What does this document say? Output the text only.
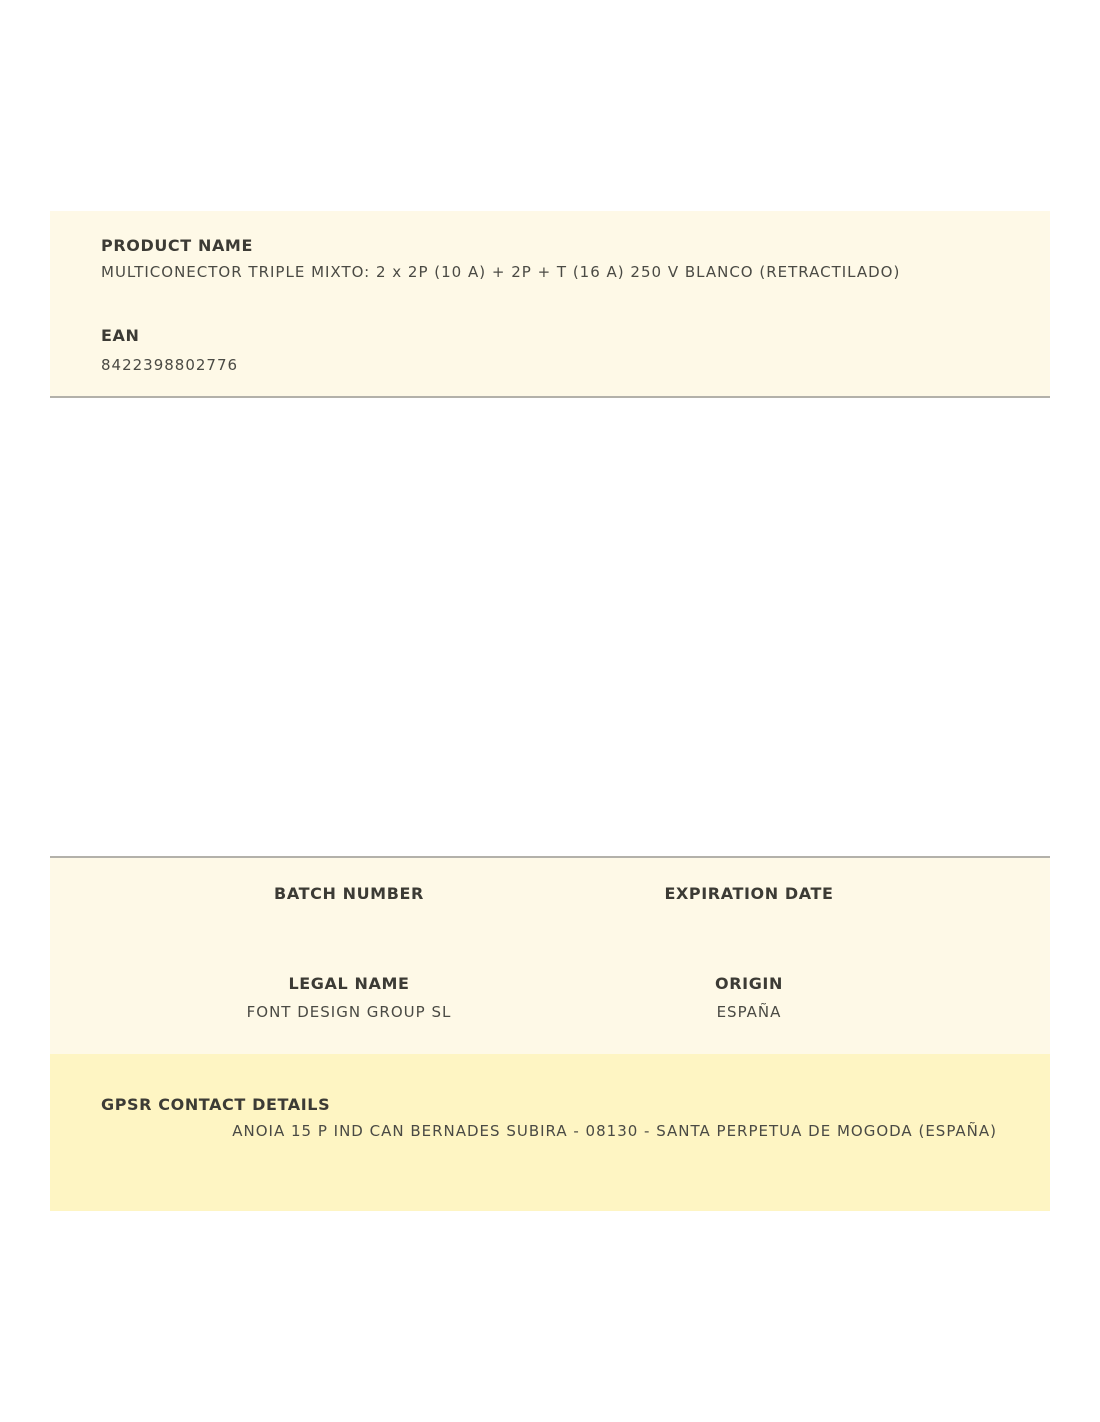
PRODUCT NAME
MULTICONECTOR TRIPLE MIXTO: 2 x 2P (10 A) + 2P + T (16 A) 250 V BLANCO (RETRACTILADO)
EAN
8422398802776
BATCH NUMBER	EXPIRATION DATE
LEGAL NAME
FONT DESIGN GROUP SL
ORIGIN
ESPAÑA
GPSR CONTACT DETAILS
ANOIA 15 P IND CAN BERNADES SUBIRA - 08130 - SANTA PERPETUA DE MOGODA (ESPAÑA)
